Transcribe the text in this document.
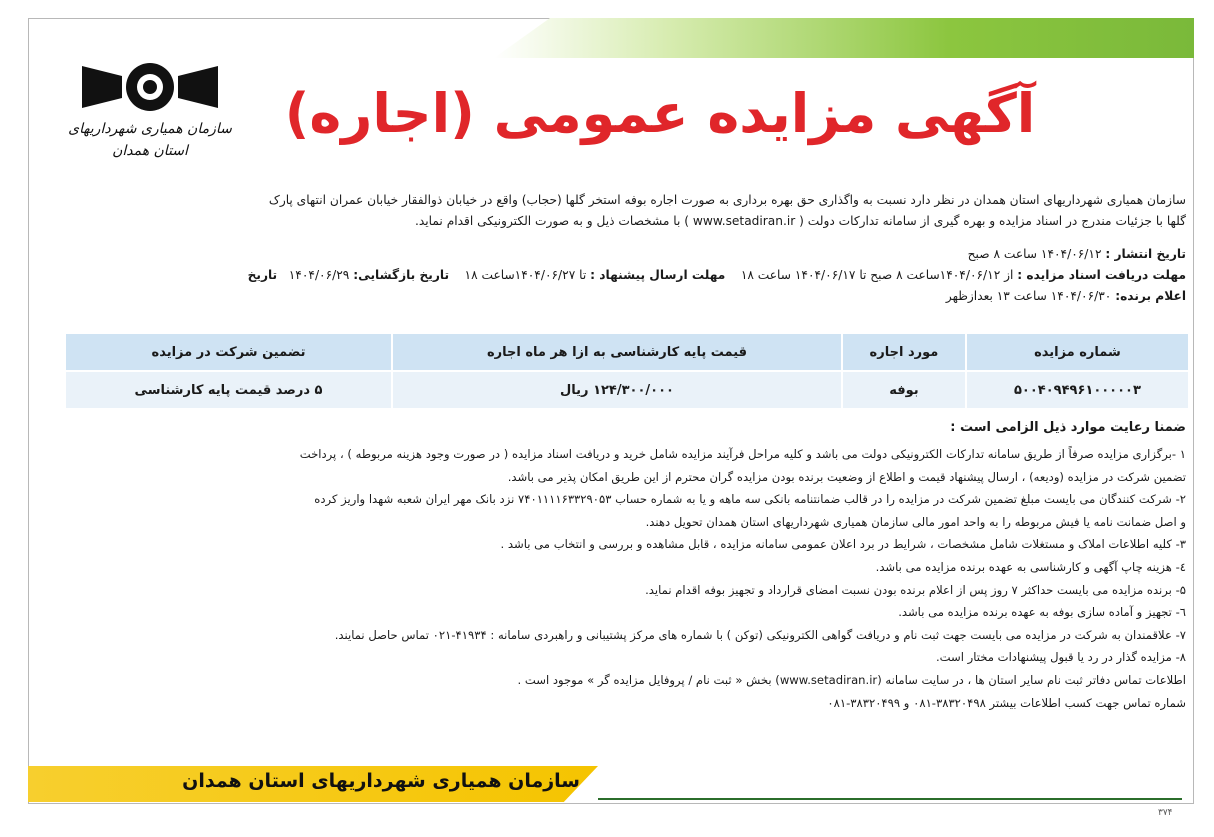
سازمان همیاری شهرداریهای
استان همدان
آگهی مزایده عمومی (اجاره)

سازمان همیاری شهرداریهای استان همدان در نظر دارد نسبت به واگذاری حق بهره برداری به صورت اجاره بوفه استخر گلها (حجاب) واقع در خیابان ذوالفقار خیابان عمران انتهای پارک

گلها با جزئیات مندرج در اسناد مزایده و بهره گیری از سامانه تدارکات دولت ( www.setadiran.ir ) با مشخصات ذیل و به صورت الکترونیکی اقدام نماید.

تاریخ انتشار : ۱۴۰۴/۰۶/۱۲ ساعت ۸ صبح

مهلت دریافت اسناد مزایده : از ۱۴۰۴/۰۶/۱۲ساعت ۸ صبح تا ۱۴۰۴/۰۶/۱۷ ساعت ۱۸    مهلت ارسال پیشنهاد : تا ۱۴۰۴/۰۶/۲۷ساعت ۱۸    تاریخ بازگشایی: ۱۴۰۴/۰۶/۲۹   تاریخ

اعلام برنده: ۱۴۰۴/۰۶/۳۰ ساعت ۱۳ بعدازظهر

شماره مزایده	مورد اجاره	قیمت پایه کارشناسی به ازا هر ماه اجاره	تضمین شرکت در مزایده
۵۰۰۴۰۹۴۹۶۱۰۰۰۰۰۳	بوفه	۱۲۴/۳۰۰/۰۰۰ ریال	۵ درصد قیمت پایه کارشناسی
ضمنا رعایت موارد ذیل الزامی است :

۱ -برگزاری مزایده صرفاً از طریق سامانه تدارکات الکترونیکی دولت می باشد و کلیه مراحل فرآیند مزایده شامل خرید و دریافت اسناد مزایده ( در صورت وجود هزینه مربوطه ) ، پرداخت

تضمین شرکت در مزایده (ودیعه) ، ارسال پیشنهاد قیمت و اطلاع از وضعیت برنده بودن مزایده گران محترم از این طریق امکان پذیر می باشد.

۲- شرکت کنندگان می بایست مبلغ تضمین شرکت در مزایده را در قالب ضمانتنامه بانکی سه ماهه و یا به شماره حساب ۷۴۰۱۱۱۱۶۳۳۲۹۰۵۳ نزد بانک مهر ایران شعبه شهدا واریز کرده

و اصل ضمانت نامه یا فیش مربوطه را به واحد امور مالی سازمان همیاری شهرداریهای استان همدان تحویل دهند.

۳- کلیه اطلاعات املاک و مستغلات شامل مشخصات ، شرایط در برد اعلان عمومی سامانه مزایده ، قابل مشاهده و بررسی و انتخاب می باشد .

٤- هزینه چاپ آگهی و کارشناسی به عهده برنده مزایده می باشد.

۵- برنده مزایده می بایست حداکثر ۷ روز پس از اعلام برنده بودن نسبت امضای قرارداد و تجهیز بوفه اقدام نماید.

٦- تجهیز و آماده سازی بوفه به عهده برنده مزایده می باشد.

۷- علاقمندان به شرکت در مزایده می بایست جهت ثبت نام و دریافت گواهی الکترونیکی (توکن ) با شماره های مرکز پشتیبانی و راهبردی سامانه : ۴۱۹۳۴-۰۲۱ تماس حاصل نمایند.

۸- مزایده گذار در رد یا قبول پیشنهادات مختار است.

اطلاعات تماس دفاتر ثبت نام سایر استان ها ، در سایت سامانه (www.setadiran.ir) بخش « ثبت نام / پروفایل مزایده گر » موجود است .

شماره تماس جهت کسب اطلاعات بیشتر ۳۸۳۲۰۴۹۸-۰۸۱ و ۳۸۳۲۰۴۹۹-۰۸۱

سازمان همیاری شهرداریهای استان همدان
۳۷۴
